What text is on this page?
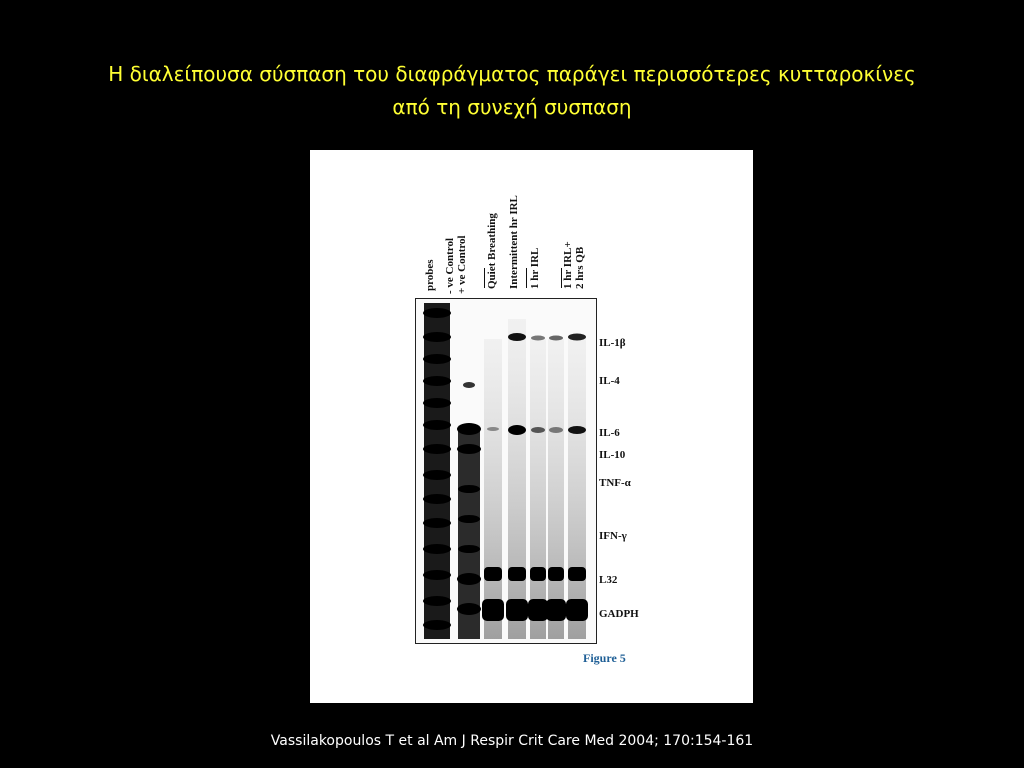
Η διαλείπουσα σύσπαση του διαφράγματος παράγει περισσότερες κυτταροκίνες
από τη συνεχή συσπαση
probes - ve Control + ve Control Quiet Breathing Intermittent hr IRL 1 hr IRL 1 hr IRL+ 2 hrs QB
IL-1β
IL-4
IL-6
IL-10
TNF-α
IFN-γ
L32
GADPH
Figure 5
Vassilakopoulos T et al Am J Respir Crit Care Med 2004; 170:154-161
